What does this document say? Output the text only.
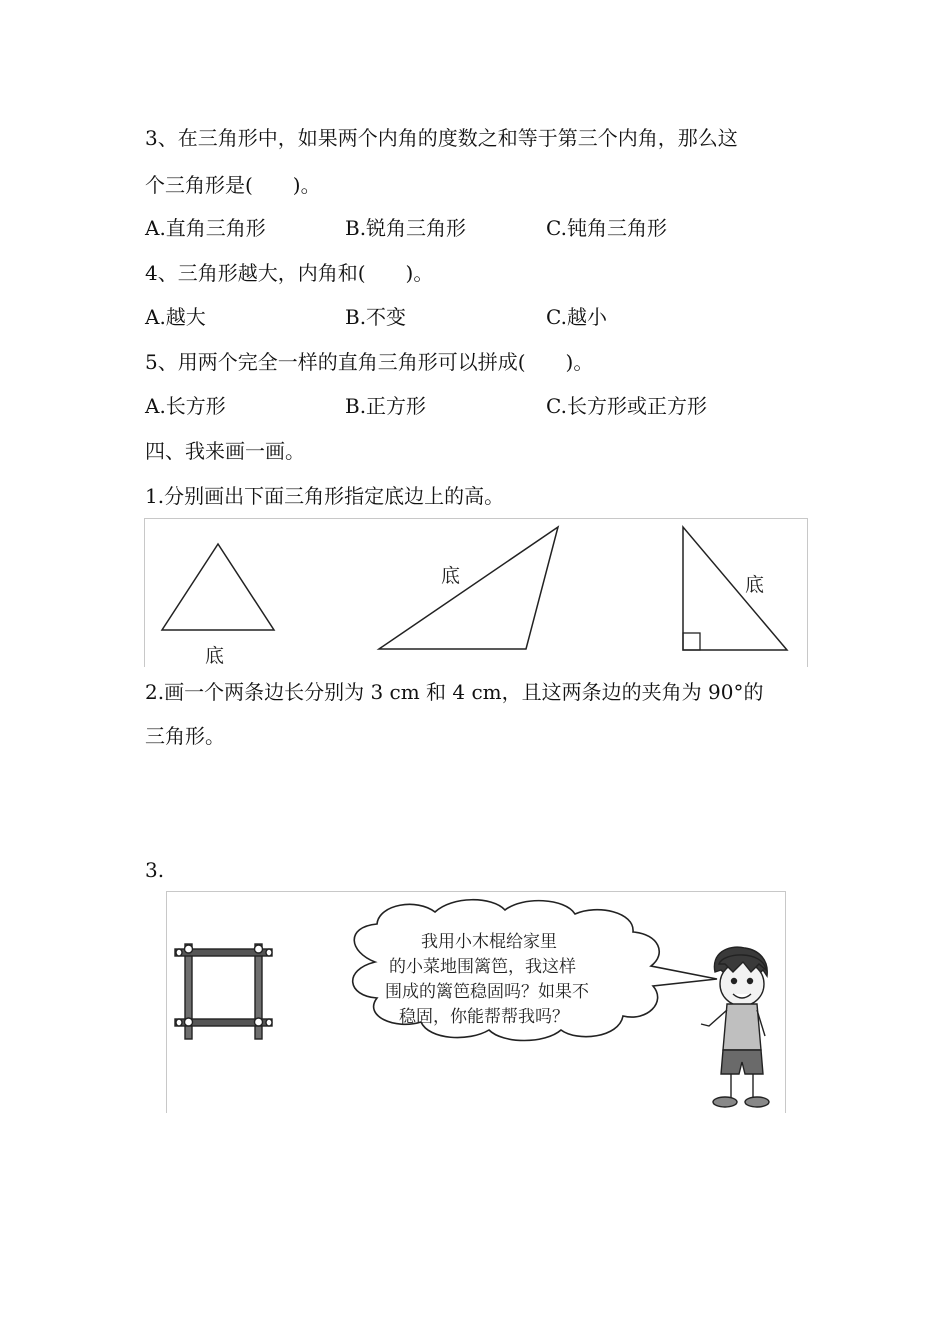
3、在三角形中，如果两个内角的度数之和等于第三个内角，那么这
个三角形是(　　)。
A.直角三角形	B.锐角三角形	C.钝角三角形
4、三角形越大，内角和(　　)。
A.越大	B.不变	C.越小
5、用两个完全一样的直角三角形可以拼成(　　)。
A.长方形	B.正方形	C.长方形或正方形
四、我来画一画。
1.分别画出下面三角形指定底边上的高。
底
底	底
2.画一个两条边长分别为 3 cm 和 4 cm，且这两条边的夹角为 90°的
三角形。
3.
我用小木棍给家里
的小菜地围篱笆，我这样
围成的篱笆稳固吗？如果不
稳固，你能帮帮我吗？
